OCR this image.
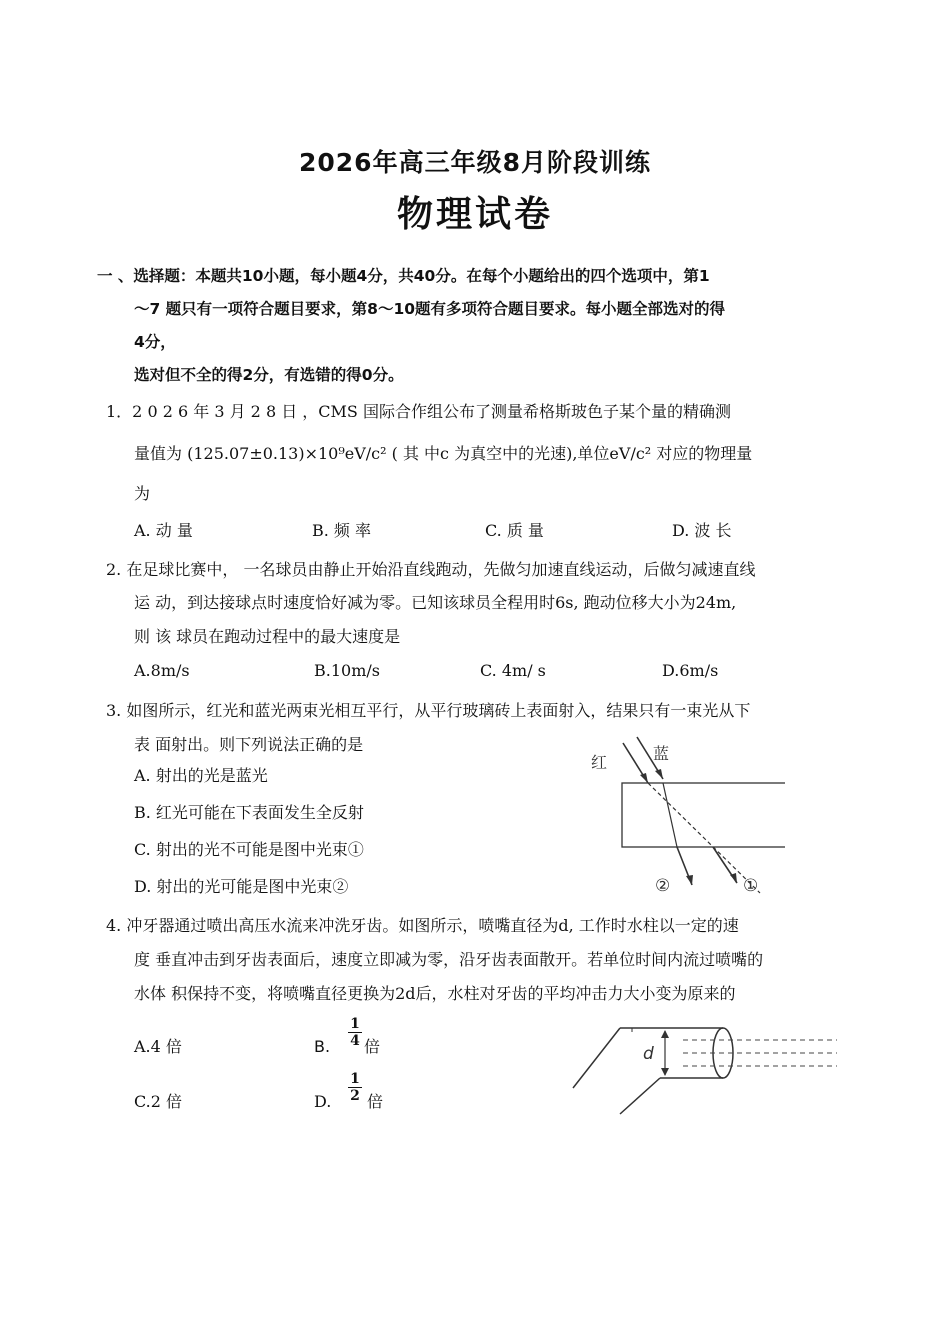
2026年高三年级8月阶段训练
物理试卷
一 、选择题：本题共10小题，每小题4分，共40分。在每个小题给出的四个选项中，第1
～7 题只有一项符合题目要求，第8～10题有多项符合题目要求。每小题全部选对的得
4分，
选对但不全的得2分，有选错的得0分。
1．2 0 2 6 年 3 月 2 8 日 ，CMS 国际合作组公布了测量希格斯玻色子某个量的精确测
量值为 (125.07±0.13)×10⁹eV/c² ( 其 中c 为真空中的光速),单位eV/c² 对应的物理量
为
A. 动 量	B. 频 率	C. 质 量	D. 波 长
2. 在足球比赛中， 一名球员由静止开始沿直线跑动，先做匀加速直线运动，后做匀减速直线
运 动，到达接球点时速度恰好减为零。已知该球员全程用时6s, 跑动位移大小为24m,
则 该 球员在跑动过程中的最大速度是
A.8m/s	B.10m/s	C. 4m/ s	D.6m/s
3. 如图所示，红光和蓝光两束光相互平行，从平行玻璃砖上表面射入，结果只有一束光从下
表 面射出。则下列说法正确的是
A. 射出的光是蓝光
B. 红光可能在下表面发生全反射
C. 射出的光不可能是图中光束①
D. 射出的光可能是图中光束②
红	蓝
②	①
4. 冲牙器通过喷出高压水流来冲洗牙齿。如图所示，喷嘴直径为d, 工作时水柱以一定的速
度 垂直冲击到牙齿表面后，速度立即减为零，沿牙齿表面散开。若单位时间内流过喷嘴的
水体 积保持不变，将喷嘴直径更换为2d后，水柱对牙齿的平均冲击力大小变为原来的
A.4 倍	B.
1
4 倍
C.2 倍	D.
1
2 倍
d
